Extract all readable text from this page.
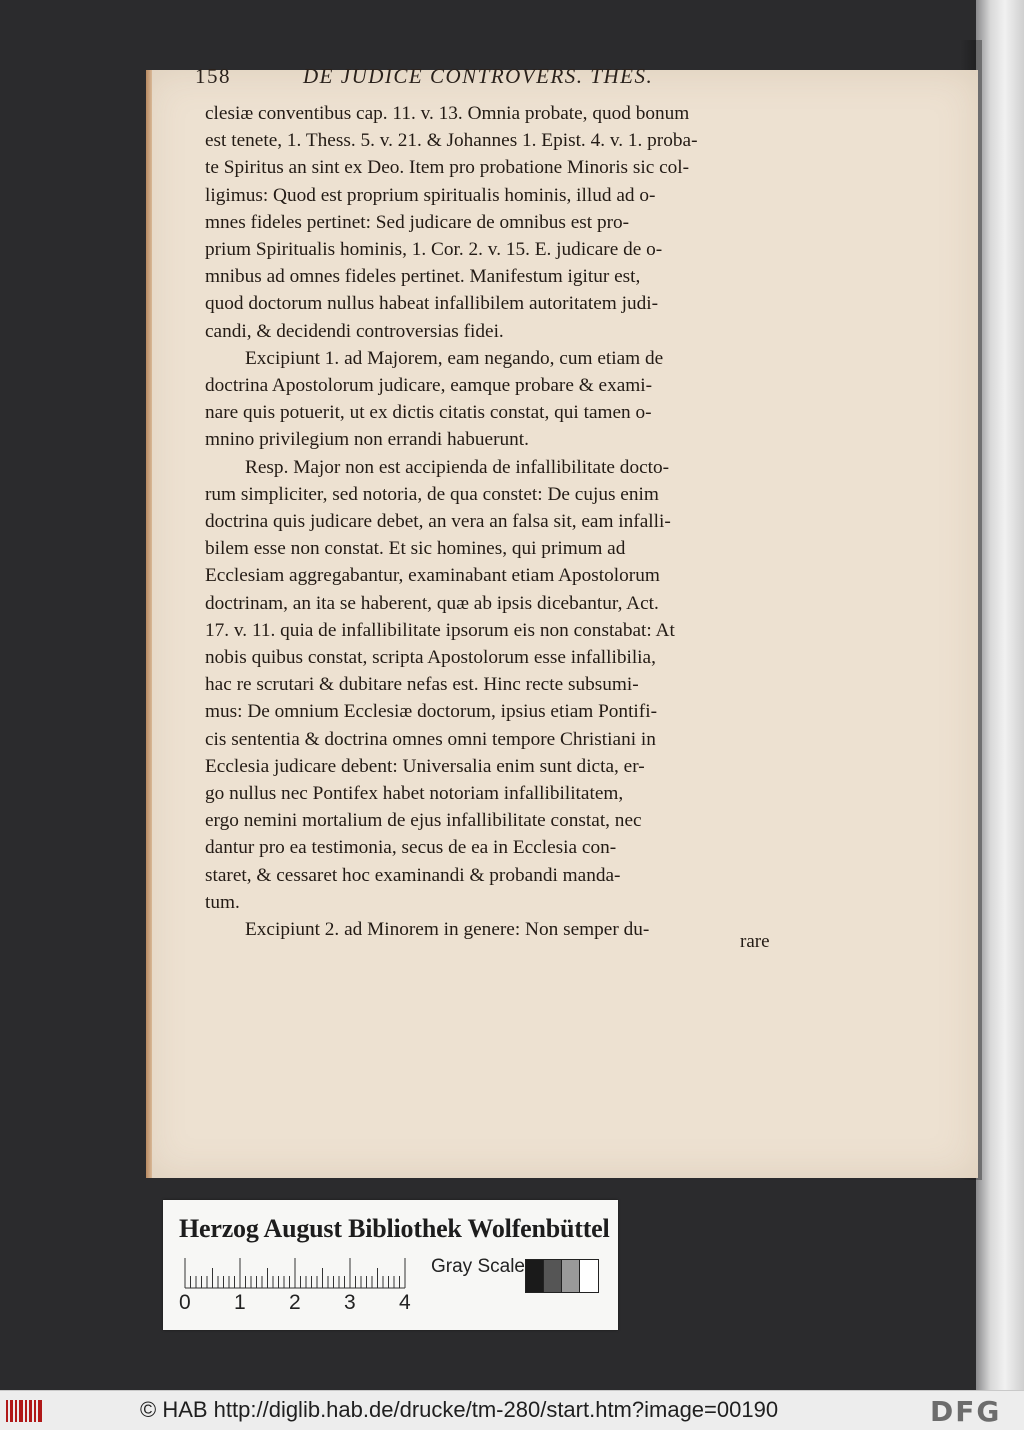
158	DE JUDICE CONTROVERS. THES.
clesiæ conventibus cap. 11. v. 13. Omnia probate, quod bonum
est tenete, 1. Thess. 5. v. 21. & Johannes 1. Epist. 4. v. 1. proba-
te Spiritus an sint ex Deo. Item pro probatione Minoris sic col-
ligimus: Quod est proprium spiritualis hominis, illud ad o-
mnes fideles pertinet: Sed judicare de omnibus est pro-
prium Spiritualis hominis, 1. Cor. 2. v. 15. E. judicare de o-
mnibus ad omnes fideles pertinet. Manifestum igitur est,
quod doctorum nullus habeat infallibilem autoritatem judi-
candi, & decidendi controversias fidei.
Excipiunt 1. ad Majorem, eam negando, cum etiam de
doctrina Apostolorum judicare, eamque probare & exami-
nare quis potuerit, ut ex dictis citatis constat, qui tamen o-
mnino privilegium non errandi habuerunt.
Resp. Major non est accipienda de infallibilitate docto-
rum simpliciter, sed notoria, de qua constet: De cujus enim
doctrina quis judicare debet, an vera an falsa sit, eam infalli-
bilem esse non constat. Et sic homines, qui primum ad
Ecclesiam aggregabantur, examinabant etiam Apostolorum
doctrinam, an ita se haberent, quæ ab ipsis dicebantur, Act.
17. v. 11. quia de infallibilitate ipsorum eis non constabat: At
nobis quibus constat, scripta Apostolorum esse infallibilia,
hac re scrutari & dubitare nefas est. Hinc recte subsumi-
mus: De omnium Ecclesiæ doctorum, ipsius etiam Pontifi-
cis sententia & doctrina omnes omni tempore Christiani in
Ecclesia judicare debent: Universalia enim sunt dicta, er-
go nullus nec Pontifex habet notoriam infallibilitatem,
ergo nemini mortalium de ejus infallibilitate constat, nec
dantur pro ea testimonia, secus de ea in Ecclesia con-
staret, & cessaret hoc examinandi & probandi manda-
tum.
Excipiunt 2. ad Minorem in genere: Non semper du-
rare
Herzog August Bibliothek Wolfenbüttel
Gray Scale
0 1 2 3 4
© HAB http://diglib.hab.de/drucke/tm-280/start.htm?image=00190	DFG
